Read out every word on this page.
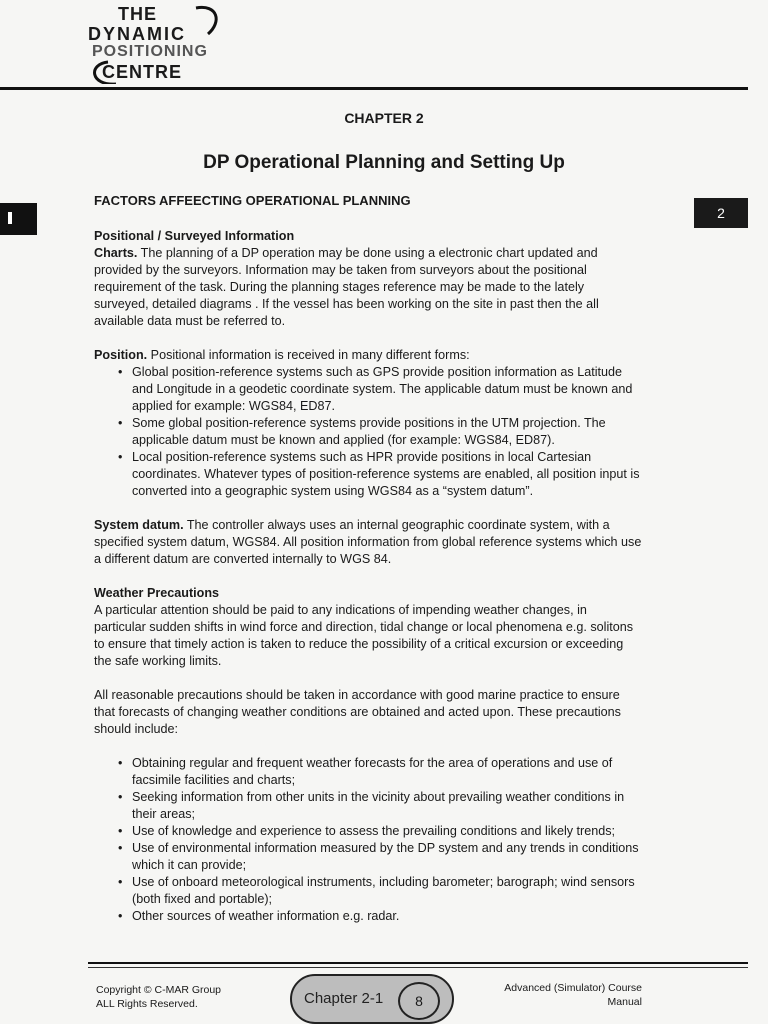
THE
DYNAMIC
POSITIONING
CENTRE
CHAPTER 2
DP Operational Planning and Setting Up
2

FACTORS AFFEECTING OPERATIONAL PLANNING

Positional / Surveyed Information

Charts. The planning of a DP operation may be done using a electronic chart updated and provided by the surveyors. Information may be taken from surveyors about the positional requirement of the task. During the planning stages reference may be made to the lately surveyed, detailed diagrams . If the vessel has been working on the site in past then the all available data must be referred to.

Position. Positional information is received in many different forms:

• Global position-reference systems such as GPS provide position information as Latitude and Longitude in a geodetic coordinate system. The applicable datum must be known and applied for example: WGS84, ED87.
• Some global position-reference systems provide positions in the UTM projection. The applicable datum must be known and applied (for example: WGS84, ED87).
• Local position-reference systems such as HPR provide positions in local Cartesian coordinates. Whatever types of position-reference systems are enabled, all position input is converted into a geographic system using WGS84 as a “system datum”.

System datum. The controller always uses an internal geographic coordinate system, with a specified system datum, WGS84. All position information from global reference systems which use a different datum are converted internally to WGS 84.

Weather Precautions

A particular attention should be paid to any indications of impending weather changes, in particular sudden shifts in wind force and direction, tidal change or local phenomena e.g. solitons to ensure that timely action is taken to reduce the possibility of a critical excursion or exceeding the safe working limits.

All reasonable precautions should be taken in accordance with good marine practice to ensure that forecasts of changing weather conditions are obtained and acted upon. These precautions should include:

• Obtaining regular and frequent weather forecasts for the area of operations and use of facsimile facilities and charts;
• Seeking information from other units in the vicinity about prevailing weather conditions in their areas;
• Use of knowledge and experience to assess the prevailing conditions and likely trends;
• Use of environmental information measured by the DP system and any trends in conditions which it can provide;
• Use of onboard meteorological instruments, including barometer; barograph; wind sensors (both fixed and portable);
• Other sources of weather information e.g. radar.
Copyright © C-MAR Group
ALL Rights Reserved.	Chapter 2-1	8
Advanced (Simulator) Course
Manual
